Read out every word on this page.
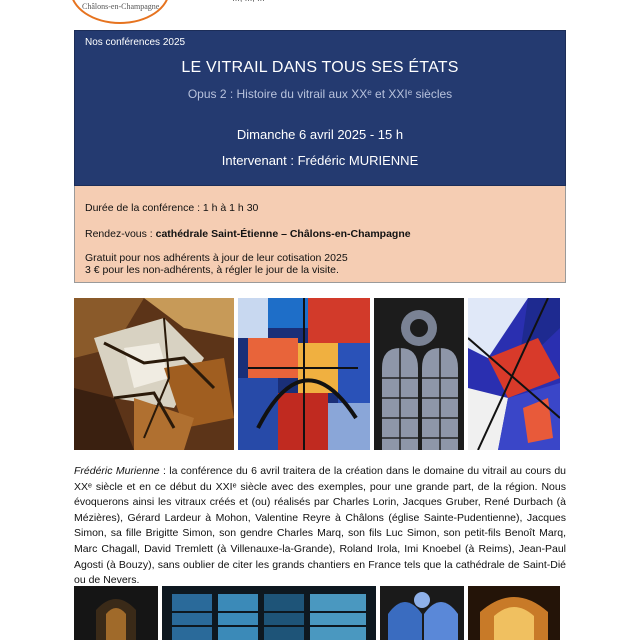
Châlons-en-Champagne
Nos conférences 2025
LE VITRAIL DANS TOUS SES ÉTATS
Opus 2 : Histoire du vitrail aux XXᵉ et XXIᵉ siècles
Dimanche 6 avril 2025 - 15 h
Intervenant : Frédéric MURIENNE
Durée de la conférence : 1 h à 1 h 30
Rendez-vous : cathédrale Saint-Étienne – Châlons-en-Champagne
Gratuit pour nos adhérents à jour de leur cotisation 2025
3 € pour les non-adhérents, à régler le jour de la visite.
Frédéric Murienne : la conférence du 6 avril traitera de la création dans le domaine du vitrail au cours du XXᵉ siècle et en ce début du XXIᵉ siècle avec des exemples, pour une grande part, de la région. Nous évoquerons ainsi les vitraux créés et (ou) réalisés par Charles Lorin, Jacques Gruber, René Durbach (à Mézières), Gérard Lardeur à Mohon, Valentine Reyre à Châlons (église Sainte-Pudentienne), Jacques Simon, sa fille Brigitte Simon, son gendre Charles Marq, son fils Luc Simon, son petit-fils Benoît Marq, Marc Chagall, David Tremlett (à Villenauxe-la-Grande), Roland Irola, Imi Knoebel (à Reims), Jean-Paul Agosti (à Bouzy), sans oublier de citer les grands chantiers en France tels que la cathédrale de Saint-Dié ou de Nevers.
